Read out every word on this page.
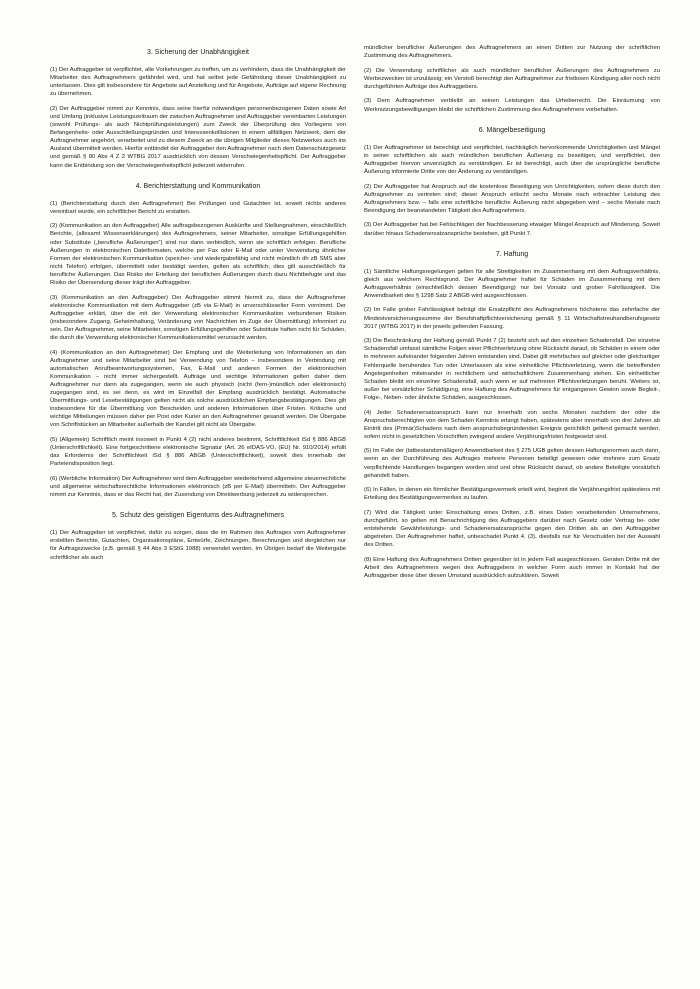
3. Sicherung der Unabhängigkeit

(1) Der Auftraggeber ist verpflichtet, alle Vorkehrungen zu treffen, um zu verhindern, dass die Unabhängigkeit der Mitarbeiter des Auftragnehmers gefährdet wird, und hat selbst jede Gefährdung dieser Unabhängigkeit zu unterlassen. Dies gilt insbesondere für Angebote auf Anstellung und für Angebote, Aufträge auf eigene Rechnung zu übernehmen.

(2) Der Auftraggeber nimmt zur Kenntnis, dass seine hierfür notwendigen personenbezogenen Daten sowie Art und Umfang (inklusive Leistungszeitraum der zwischen Auftragnehmer und Auftraggeber vereinbarten Leistungen (sowohl Prüfungs- als auch Nichtprüfungsleistungen) zum Zweck der Überprüfung des Vorliegens von Befangenheits- oder Ausschließungsgründen und Interessenkollisionen in einem allfälligen Netzwerk, dem der Auftragnehmer angehört, verarbeitet und zu diesem Zweck an die übrigen Mitglieder dieses Netzwerkes auch ins Ausland übermittelt werden. Hierfür entbindet der Auftraggeber den Auftragnehmer nach dem Datenschutzgesetz und gemäß § 80 Abs 4 Z 2 WTBG 2017 ausdrücklich von dessen Verschwiegenheitspflicht. Der Auftraggeber kann die Entbindung von der Verschwiegenheitspflicht jederzeit widerrufen.

4. Berichterstattung und Kommunikation

(1) (Berichterstattung durch den Auftragnehmer) Bei Prüfungen und Gutachten ist, soweit nichts anderes vereinbart wurde, ein schriftlicher Bericht zu erstatten.

(2) (Kommunikation an den Auftraggeber) Alle auftragsbezogenen Auskünfte und Stellungnahmen, einschließlich Berichte, (allesamt Wissenserklärungen) des Auftragnehmers, seiner Mitarbeiter, sonstiger Erfüllungsgehilfen oder Substitute („berufliche Äußerungen“) sind nur dann verbindlich, wenn sie schriftlich erfolgen. Berufliche Äußerungen in elektronischen Dateiformaten, welche per Fax oder E-Mail oder unter Verwendung ähnlicher Formen der elektronischen Kommunikation (speicher- und wiedergabefähig und nicht mündlich dh zB SMS aber nicht Telefon) erfolgen, übermittelt oder bestätigt werden, gelten als schriftlich; dies gilt ausschließlich für berufliche Äußerungen. Das Risiko der Erteilung der beruflichen Äußerungen durch dazu Nichtbefugte und das Risiko der Übersendung dieser trägt der Auftraggeber.

(3) (Kommunikation an den Auftraggeber) Der Auftraggeber stimmt hiermit zu, dass der Auftragnehmer elektronische Kommunikation mit dem Auftraggeber (zB via E-Mail) in unverschlüsselter Form vornimmt. Der Auftraggeber erklärt, über die mit der Verwendung elektronischer Kommunikation verbundenen Risiken (insbesondere Zugang, Geheimhaltung, Veränderung von Nachrichten im Zuge der Übermittlung) informiert zu sein. Der Auftragnehmer, seine Mitarbeiter, sonstigen Erfüllungsgehilfen oder Substitute haften nicht für Schäden, die durch die Verwendung elektronischer Kommunikationsmittel verursacht werden.

(4) (Kommunikation an den Auftragnehmer) Der Empfang und die Weiterleitung von Informationen an den Auftragnehmer und seine Mitarbeiter sind bei Verwendung von Telefon – insbesondere in Verbindung mit automatischen Anrufbeantwortungssystemen, Fax, E-Mail und anderen Formen der elektronischen Kommunikation – nicht immer sichergestellt. Aufträge und wichtige Informationen gelten daher dem Auftragnehmer nur dann als zugegangen, wenn sie auch physisch (nicht (fern-)mündlich oder elektronisch) zugegangen sind, es sei denn, es wird im Einzelfall der Empfang ausdrücklich bestätigt. Automatische Übermittlungs- und Lesebestätigungen gelten nicht als solche ausdrücklichen Empfangsbestätigungen. Dies gilt insbesondere für die Übermittlung von Bescheiden und anderen Informationen über Fristen. Kritische und wichtige Mitteilungen müssen daher per Post oder Kurier an den Auftragnehmer gesandt werden. Die Übergabe von Schriftstücken an Mitarbeiter außerhalb der Kanzlei gilt nicht als Übergabe.

(5) (Allgemein) Schriftlich meint insoweit in Punkt 4 (2) nicht anderes bestimmt, Schriftlichkeit iSd § 886 ABGB (Unterschriftlichkeit). Eine fortgeschrittene elektronische Signatur (Art. 26 eIDAS-VO, (EU) Nr. 910/2014) erfüllt das Erfordernis der Schriftlichkeit iSd § 886 ABGB (Unterschriftlichkeit), soweit dies innerhalb der Parteiendisposition liegt.

(6) (Werbliche Information) Der Auftragnehmer wird dem Auftraggeber wiederkehrend allgemeine steuerrechtliche und allgemeine wirtschaftsrechtliche Informationen elektronisch (zB per E-Mail) übermitteln. Der Auftraggeber nimmt zur Kenntnis, dass er das Recht hat, der Zusendung von Direktwerbung jederzeit zu widersprechen.

5. Schutz des geistigen Eigentums des Auftragnehmers

(1) Der Auftraggeber ist verpflichtet, dafür zu sorgen, dass die im Rahmen des Auftrages vom Auftragnehmer erstellten Berichte, Gutachten, Organisationspläne, Entwürfe, Zeichnungen, Berechnungen und dergleichen nur für Auftragszwecke (z.B. gemäß § 44 Abs 3 EStG 1988) verwendet werden. Im Übrigen bedarf die Weitergabe schriftlicher als auch

mündlicher beruflicher Äußerungen des Auftragnehmers an einen Dritten zur Nutzung der schriftlichen Zustimmung des Auftragnehmers.

(2) Die Verwendung schriftlicher als auch mündlicher beruflicher Äußerungen des Auftragnehmers zu Werbezwecken ist unzulässig; ein Verstoß berechtigt den Auftragnehmer zur fristlosen Kündigung aller noch nicht durchgeführten Aufträge des Auftraggebers.

(3) Dem Auftragnehmer verbleibt an seinen Leistungen das Urheberrecht. Die Einräumung von Werknutzungsbewilligungen bleibt der schriftlichen Zustimmung des Auftragnehmers vorbehalten.

6. Mängelbeseitigung

(1) Der Auftragnehmer ist berechtigt und verpflichtet, nachträglich hervorkommende Unrichtigkeiten und Mängel in seiner schriftlichen als auch mündlichen beruflichen Äußerung zu beseitigen, und verpflichtet, den Auftraggeber hiervon unverzüglich zu verständigen. Er ist berechtigt, auch über die ursprüngliche berufliche Äußerung informierte Dritte von der Änderung zu verständigen.

(2) Der Auftraggeber hat Anspruch auf die kostenlose Beseitigung von Unrichtigkeiten, sofern diese durch den Auftragnehmer zu vertreten sind; dieser Anspruch erlischt sechs Monate nach erbrachter Leistung des Auftragnehmers bzw. – falls eine schriftliche berufliche Äußerung nicht abgegeben wird – sechs Monate nach Beendigung der beanstandeten Tätigkeit des Auftragnehmers.

(3) Der Auftraggeber hat bei Fehlschlägen der Nachbesserung etwaiger Mängel Anspruch auf Minderung. Soweit darüber hinaus Schadenersatzansprüche bestehen, gilt Punkt 7.

7. Haftung

(1) Sämtliche Haftungsregelungen gelten für alle Streitigkeiten im Zusammenhang mit dem Auftragsverhältnis, gleich aus welchem Rechtsgrund. Der Auftragnehmer haftet für Schäden im Zusammenhang mit dem Auftragsverhältnis (einschließlich dessen Beendigung) nur bei Vorsatz und grober Fahrlässigkeit. Die Anwendbarkeit des § 1298 Satz 2 ABGB wird ausgeschlossen.

(2) Im Falle grober Fahrlässigkeit beträgt die Ersatzpflicht des Auftragnehmers höchstens das zehnfache der Mindestversicherungssumme der Berufshaftpflichtversicherung gemäß § 11 Wirtschaftstreuhandberufsgesetz 2017 (WTBG 2017) in der jeweils geltenden Fassung.

(3) Die Beschränkung der Haftung gemäß Punkt 7 (2) bezieht sich auf den einzelnen Schadensfall. Der einzelne Schadensfall umfasst sämtliche Folgen einer Pflichtverletzung ohne Rücksicht darauf, ob Schäden in einem oder in mehreren aufeinander folgenden Jahren entstanden sind. Dabei gilt mehrfaches auf gleicher oder gleichartiger Fehlerquelle beruhendes Tun oder Unterlassen als eine einheitliche Pflichtverletzung, wenn die betreffenden Angelegenheiten miteinander in rechtlichem und wirtschaftlichem Zusammenhang stehen. Ein einheitlicher Schaden bleibt ein einzelner Schadensfall, auch wenn er auf mehreren Pflichtverletzungen beruht. Weiters ist, außer bei vorsätzlicher Schädigung, eine Haftung des Auftragnehmers für entgangenen Gewinn sowie Begleit-, Folge-, Neben- oder ähnliche Schäden, ausgeschlossen.

(4) Jeder Schadenersatzanspruch kann nur innerhalb von sechs Monaten nachdem der oder die Anspruchsberechtigten von dem Schaden Kenntnis erlangt haben, spätestens aber innerhalb von drei Jahren ab Eintritt des (Primär)Schadens nach dem anspruchsbegründenden Ereignis gerichtlich geltend gemacht werden, sofern nicht in gesetzlichen Vorschriften zwingend andere Verjährungsfristen festgesetzt sind.

(5) Im Falle der (tatbestandsmäßigen) Anwendbarkeit des § 275 UGB gelten dessen Haftungsnormen auch dann, wenn an der Durchführung des Auftrages mehrere Personen beteiligt gewesen oder mehrere zum Ersatz verpflichtende Handlungen begangen worden sind und ohne Rücksicht darauf, ob andere Beteiligte vorsätzlich gehandelt haben.

(6) In Fällen, in denen ein förmlicher Bestätigungsvermerk erteilt wird, beginnt die Verjährungsfrist spätestens mit Erteilung des Bestätigungsvermerkes zu laufen.

(7) Wird die Tätigkeit unter Einschaltung eines Dritten, z.B. eines Daten verarbeitenden Unternehmens, durchgeführt, so gelten mit Benachrichtigung des Auftraggebers darüber nach Gesetz oder Vertrag be- oder entstehende Gewährleistungs- und Schadenersatzansprüche gegen den Dritten als an den Auftraggeber abgetreten. Der Auftragnehmer haftet, unbeschadet Punkt 4. (3), diesfalls nur für Verschulden bei der Auswahl des Dritten.

(8) Eine Haftung des Auftragnehmers Dritten gegenüber ist in jedem Fall ausgeschlossen. Geraten Dritte mit der Arbeit des Auftragnehmers wegen des Auftraggebers in welcher Form auch immer in Kontakt hat der Auftraggeber diese über diesen Umstand ausdrücklich aufzuklären. Soweit
